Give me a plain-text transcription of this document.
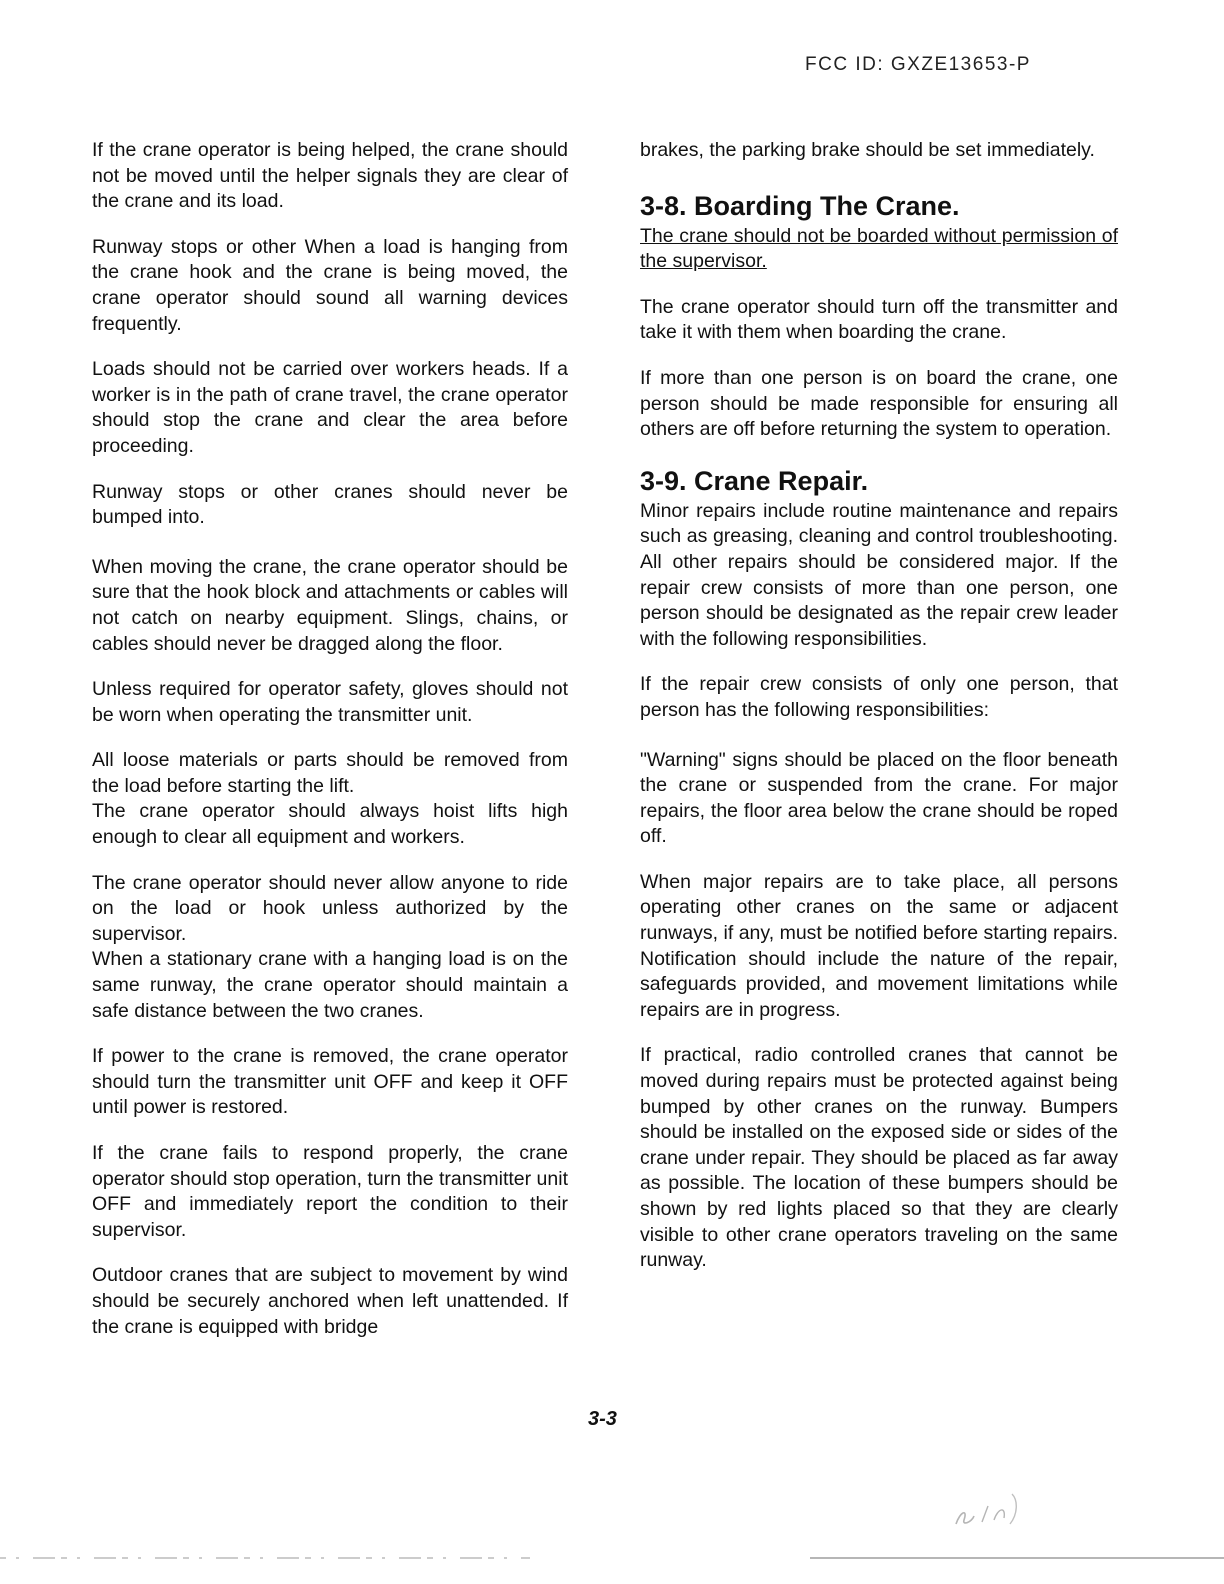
FCC ID: GXZE13653-P

If the crane operator is being helped, the crane should not be moved until the helper signals they are clear of the crane and its load.

Runway stops or other When a load is hanging from the crane hook and the crane is being moved, the crane operator should sound all warning devices frequently.

Loads should not be carried over workers heads. If a worker is in the path of crane travel, the crane operator should stop the crane and clear the area before proceeding.

Runway stops or other cranes should never be bumped into.

When moving the crane, the crane operator should be sure that the hook block and attachments or cables will not catch on nearby equipment. Slings, chains, or cables should never be dragged along the floor.

Unless required for operator safety, gloves should not be worn when operating the transmitter unit.

All loose materials or parts should be removed from the load before starting the lift.

The crane operator should always hoist lifts high enough to clear all equipment and workers.

The crane operator should never allow anyone to ride on the load or hook unless authorized by the supervisor.

When a stationary crane with a hanging load is on the same runway, the crane operator should maintain a safe distance between the two cranes.

If power to the crane is removed, the crane operator should turn the transmitter unit OFF and keep it OFF until power is restored.

If the crane fails to respond properly, the crane operator should stop operation, turn the transmitter unit OFF and immediately report the condition to their supervisor.

Outdoor cranes that are subject to movement by wind should be securely anchored when left unattended. If the crane is equipped with bridge

brakes, the parking brake should be set immediately.

3-8. Boarding The Crane.

The crane should not be boarded without permission of the supervisor.

The crane operator should turn off the transmitter and take it with them when boarding the crane.

If more than one person is on board the crane, one person should be made responsible for ensuring all others are off before returning the system to operation.

3-9. Crane Repair.

Minor repairs include routine maintenance and repairs such as greasing, cleaning and control troubleshooting. All other repairs should be considered major. If the repair crew consists of more than one person, one person should be designated as the repair crew leader with the following responsibilities.

If the repair crew consists of only one person, that person has the following responsibilities:

"Warning" signs should be placed on the floor beneath the crane or suspended from the crane. For major repairs, the floor area below the crane should be roped off.

When major repairs are to take place, all persons operating other cranes on the same or adjacent runways, if any, must be notified before starting repairs. Notification should include the nature of the repair, safeguards provided, and movement limitations while repairs are in progress.

If practical, radio controlled cranes that cannot be moved during repairs must be protected against being bumped by other cranes on the runway. Bumpers should be installed on the exposed side or sides of the crane under repair. They should be placed as far away as possible. The location of these bumpers should be shown by red lights placed so that they are clearly visible to other crane operators traveling on the same runway.

3-3
